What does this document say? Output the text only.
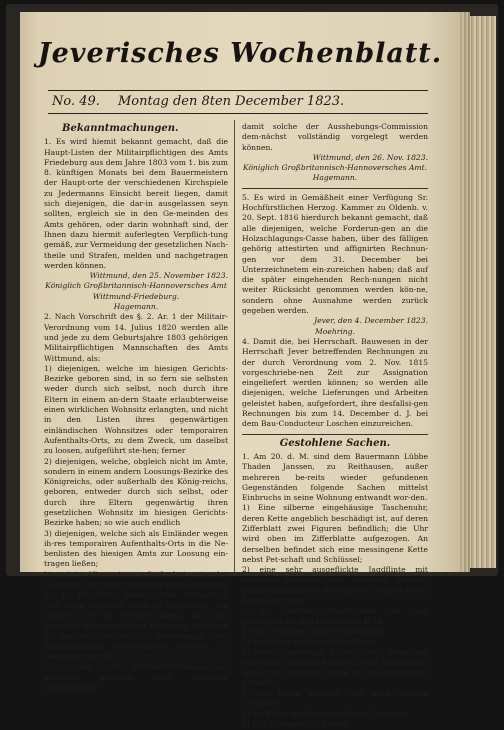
Jeverisches Wochenblatt.
No. 49. Montag den 8ten December 1823.
Bekanntmachungen.

1. Es wird hiemit bekannt gemacht, daß die Haupt-Listen der Militairpflichtigen des Amts Friedeburg aus dem Jahre 1803 vom 1. bis zum 8. künftigen Monats bei dem Bauermeistern der Haupt-orte der verschiedenen Kirchspiele zu Jedermanns Einsicht bereit liegen, damit sich diejenigen, die dar-in ausgelassen seyn sollten, ergleich sie in den Ge-meinden des Amts gehören, oder darin wohnhaft sind, der Ihnen dazu hiermit auferlegten Verpflich-tung gemäß, zur Vermeidung der gesetzlichen Nach-theile und Strafen, melden und nachgetragen werden können.

Wittmund, den 25. November 1823.

Königlich Großbritannisch-Hannoversches Amt Wittmund-Friedeburg.

Hagemann.

2. Nach Vorschrift des §. 2. Ar. 1 der Militair-Verordnung vom 14. Julius 1820 werden alle und jede zu dem Geburtsjahre 1803 gehörigen Militairpflichtigen Mannschaften des Amts Wittmund, als:

1) diejenigen, welche im hiesigen Gerichts-Bezirke geboren sind, in so fern sie selbsten weder durch sich selbst, noch durch ihre Eltern in einem an-dern Staate erlaubterweise einen wirklichen Wohnsitz erlangten, und nicht in den Listen ihres gegenwärtigen einländischen Wohnsitzes oder temporairen Aufenthalts-Orts, zu dem Zweck, um daselbst zu loosen, aufgeführt ste-hen; ferner

2) diejenigen, welche, obgleich nicht im Amte, sondern in einem andern Loosungs-Bezirke des Königreichs, oder außerhalb des König-reichs, geboren, entweder durch sich selbst, oder durch ihre Eltern gegenwärtig ihren gesetzlichen Wohnsitz im hiesigen Gerichts-Bezirke haben; so wie auch endlich

3) diejenigen, welche sich als Einländer wegen ih-res temporairen Aufenthalts-Orts in die Ne-benlisten des hiesigen Amts zur Loosung ein-tragen ließen;

hiermit im Allgemeinen aufgefordert, entweder in Person oder durch gehörige Bevollmächtigte am 16. December dieses Jahres, Morgens 9 Uhr, beim hie-sigen Amte zu erscheinen, um zugleich ob sie Gründe haben, auf eine gänzliche oder vor-läufige Befreiung Anspruch zu machen, und die zur Begründung ihrer Reclamationen erforderlichen Beweise, in Gemäßheit der §§. 4. 5. 8. 9. 10. 11. 12. 13. 15. 16. 17 und 35 der Militair-Verordnung auf-merksam gemacht wird, vorläufig beizubringen,

damit solche der Ausshebungs-Commission dem-nächst vollständig vorgelegt werden können.

Wittmund, den 26. Nov. 1823.

Königlich Großbritannisch-Hannoversches Amt.

Hagemann.

5. Es wird in Gemäßheit einer Verfügung Sr. Hochfürstlichen Herzog. Kammer zu Oldenb. v. 20. Sept. 1816 hierdurch bekannt gemacht, daß alle diejenigen, welche Forderun-gen an die Holzschlagungs-Casse haben, über des fälligen gehörig attestirten und affignirten Rechnun-gen vor dem 31. December bei Unterzeichnetem ein-zureichen haben; daß auf die später eingehenden Rech-nungen nicht weiter Rücksicht genommen werden kön-ne, sondern ohne Ausnahme werden zurück gegeben werden.

Jever, den 4. December 1823.

Moehring.

4. Damit die, bei Herrschaft. Bauwesen in der Herrschaft Jever betreffenden Rechnungen zu der durch Verordnung vom 2. Nov. 1815 vorgeschriebe-nen Zeit zur Assignation eingeliefert werden können; so werden alle diejenigen, welche Lieferungen und Arbeiten geleistet haben, aufgefordert, ihre desfallsi-gen Rechnungen bis zum 14. December d. J. bei dem Bau-Conducteur Loschen einzureichen.

Gestohlene Sachen.

1. Am 20. d. M. sind dem Bauermann Lübbe Thaden Janssen, zu Reithausen, außer mehreren be-reits wieder gefundenen Gegenständen folgende Sachen mittelst Einbruchs in seine Wohnung entwandt wor-den.

1) Eine silberne eingehäusige Taschenuhr, deren Kette angeblich beschädigt ist, auf deren Zifferblatt zwei Figuren befindlich; die Uhr wird oben im Zifferblatte aufgezogen. An derselben befindet sich eine messingene Kette nebst Pet-schaft und Schlüssel;

2) eine sehr ausgeflickte Jagdflinte mit silbernen Zierlöven und ledernem Riemen, deren messin-gener Beschlag am Kolben etwas beschädigt war;

3) ein silberner Mantelhaken von rund gearbeitet mit den Buchstaben B. H.;

4) ein schmalzer tuchener Kleidrock,

5) eine blaue tuchene lange Hose;

6) eine dunkelblaue kurzfürchene Manschaft mit glatten blanken Knöpfen nebst dergleichen Hose von hellblauer Farbe mit übersponnenen Knöpfen;

7) ein Paare schwarz und weiß wollene Strümpfe;

8) ein Paare weiße baumwollene Strümpfe;

9) Elle Cammertuch Leinen;
